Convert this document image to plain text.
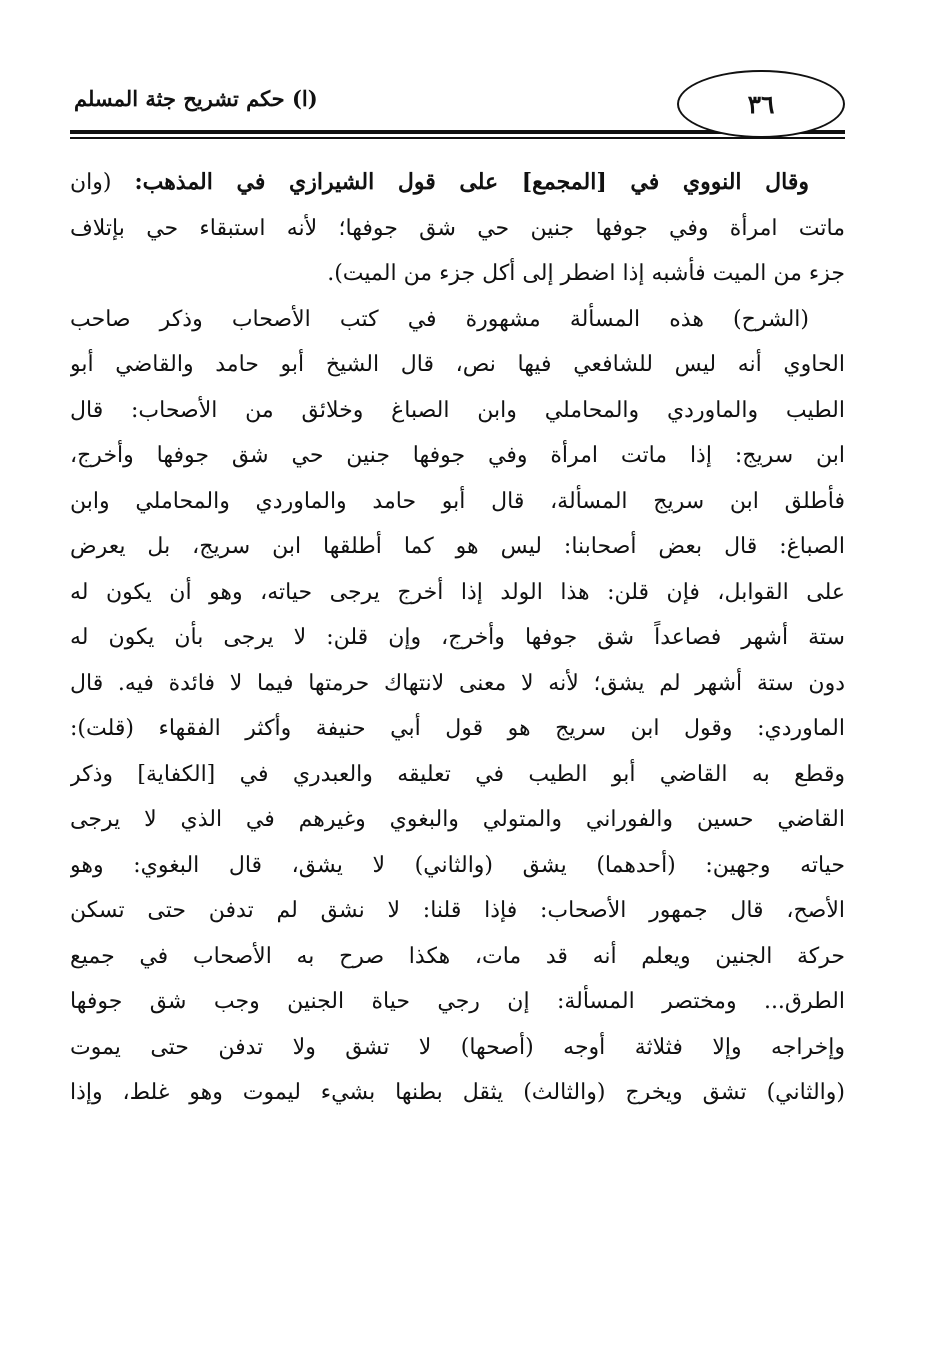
٣٦
(ا) حكم تشريح جثة المسلم
وقال النووي في [المجمع] على قول الشيرازي في المذهب: (وان
ماتت امرأة وفي جوفها جنين حي شق جوفها؛ لأنه استبقاء حي بإتلاف
جزء من الميت فأشبه إذا اضطر إلى أكل جزء من الميت).
(الشرح) هذه المسألة مشهورة في كتب الأصحاب وذكر صاحب
الحاوي أنه ليس للشافعي فيها نص، قال الشيخ أبو حامد والقاضي أبو
الطيب والماوردي والمحاملي وابن الصباغ وخلائق من الأصحاب: قال
ابن سريج: إذا ماتت امرأة وفي جوفها جنين حي شق جوفها وأخرج،
فأطلق ابن سريج المسألة، قال أبو حامد والماوردي والمحاملي وابن
الصباغ: قال بعض أصحابنا: ليس هو كما أطلقها ابن سريج، بل يعرض
على القوابل، فإن قلن: هذا الولد إذا أخرج يرجى حياته، وهو أن يكون له
ستة أشهر فصاعداً شق جوفها وأخرج، وإن قلن: لا يرجى بأن يكون له
دون ستة أشهر لم يشق؛ لأنه لا معنى لانتهاك حرمتها فيما لا فائدة فيه. قال
الماوردي: وقول ابن سريج هو قول أبي حنيفة وأكثر الفقهاء (قلت):
وقطع به القاضي أبو الطيب في تعليقه والعبدري في [الكفاية] وذكر
القاضي حسين والفوراني والمتولي والبغوي وغيرهم في الذي لا يرجى
حياته وجهين: (أحدهما) يشق (والثاني) لا يشق، قال البغوي: وهو
الأصح، قال جمهور الأصحاب: فإذا قلنا: لا نشق لم تدفن حتى تسكن
حركة الجنين ويعلم أنه قد مات، هكذا صرح به الأصحاب في جميع
الطرق... ومختصر المسألة: إن رجي حياة الجنين وجب شق جوفها
وإخراجه وإلا فثلاثة أوجه (أصحها) لا تشق ولا تدفن حتى يموت
(والثاني) تشق ويخرج (والثالث) يثقل بطنها بشيء ليموت وهو غلط، وإذا
